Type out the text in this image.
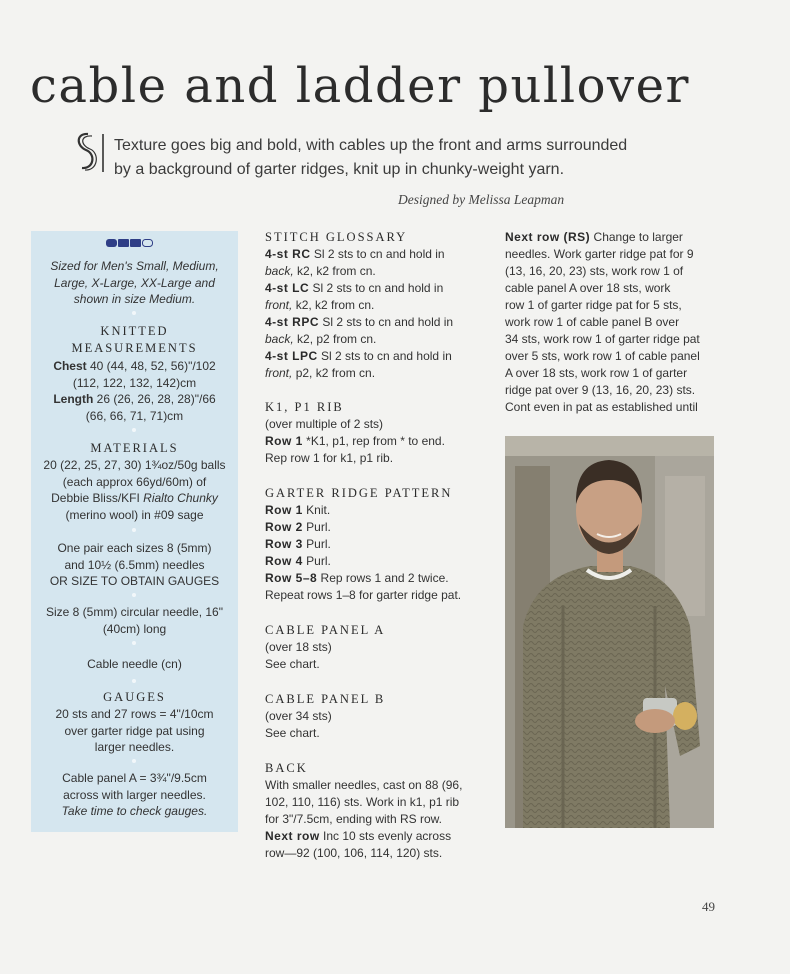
cable and ladder pullover
Texture goes big and bold, with cables up the front and arms surrounded
by a background of garter ridges, knit up in chunky-weight yarn.
Designed by Melissa Leapman
Sized for Men's Small, Medium,
Large, X-Large, XX-Large and
shown in size Medium.
KNITTED
MEASUREMENTS
Chest 40 (44, 48, 52, 56)"/102
(112, 122, 132, 142)cm
Length 26 (26, 26, 28, 28)"/66
(66, 66, 71, 71)cm
MATERIALS
20 (22, 25, 27, 30) 1¾oz/50g balls
(each approx 66yd/60m) of
Debbie Bliss/KFI Rialto Chunky
(merino wool) in #09 sage
One pair each sizes 8 (5mm)
and 10½ (6.5mm) needles
OR SIZE TO OBTAIN GAUGES
Size 8 (5mm) circular needle, 16"
(40cm) long
Cable needle (cn)
GAUGES
20 sts and 27 rows = 4"/10cm
over garter ridge pat using
larger needles.
Cable panel A = 3¾"/9.5cm
across with larger needles.
Take time to check gauges.
STITCH GLOSSARY
4-st RC Sl 2 sts to cn and hold in
back, k2, k2 from cn.
4-st LC Sl 2 sts to cn and hold in
front, k2, k2 from cn.
4-st RPC Sl 2 sts to cn and hold in
back, k2, p2 from cn.
4-st LPC Sl 2 sts to cn and hold in
front, p2, k2 from cn.
K1, P1 RIB
(over multiple of 2 sts)
Row 1 *K1, p1, rep from * to end.
Rep row 1 for k1, p1 rib.
GARTER RIDGE PATTERN
Row 1 Knit.
Row 2 Purl.
Row 3 Purl.
Row 4 Purl.
Row 5–8 Rep rows 1 and 2 twice.
Repeat rows 1–8 for garter ridge pat.
CABLE PANEL A
(over 18 sts)
See chart.
CABLE PANEL B
(over 34 sts)
See chart.
BACK
With smaller needles, cast on 88 (96,
102, 110, 116) sts. Work in k1, p1 rib
for 3"/7.5cm, ending with RS row.
Next row Inc 10 sts evenly across
row—92 (100, 106, 114, 120) sts.
Next row (RS) Change to larger
needles. Work garter ridge pat for 9
(13, 16, 20, 23) sts, work row 1 of
cable panel A over 18 sts, work
row 1 of garter ridge pat for 5 sts,
work row 1 of cable panel B over
34 sts, work row 1 of garter ridge pat
over 5 sts, work row 1 of cable panel
A over 18 sts, work row 1 of garter
ridge pat over 9 (13, 16, 20, 23) sts.
Cont even in pat as established until
49
